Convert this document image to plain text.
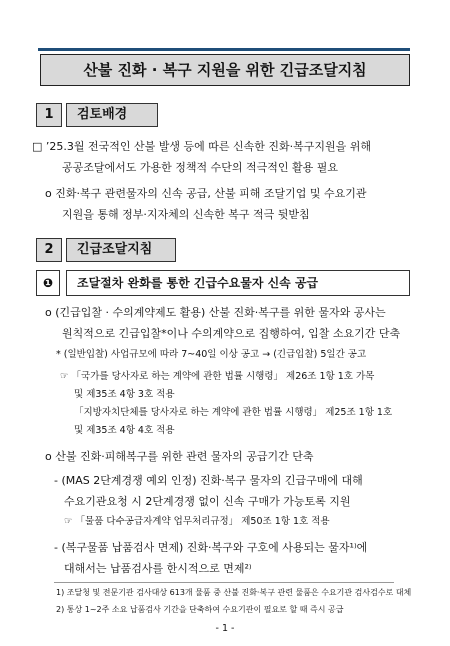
산불 진화 · 복구 지원을 위한 긴급조달지침
1	검토배경
□ ’25.3월 전국적인 산불 발생 등에 따른 신속한 진화·복구지원을 위해
공공조달에서도 가용한 정책적 수단의 적극적인 활용 필요
o 진화·복구 관련물자의 신속 공급, 산불 피해 조달기업 및 수요기관
지원을 통해 정부·지자체의 신속한 복구 적극 뒷받침
2	긴급조달지침
❶	조달절차 완화를 통한 긴급수요물자 신속 공급
o (긴급입찰 · 수의계약제도 활용) 산불 진화·복구를 위한 물자와 공사는
원칙적으로 긴급입찰*이나 수의계약으로 집행하여, 입찰 소요기간 단축
* (일반입찰) 사업규모에 따라 7~40일 이상 공고 → (긴급입찰) 5일간 공고
☞ 「국가를 당사자로 하는 계약에 관한 법률 시행령」 제26조 1항 1호 가목
및 제35조 4항 3호 적용
「지방자치단체를 당사자로 하는 계약에 관한 법률 시행령」 제25조 1항 1호
및 제35조 4항 4호 적용
o 산불 진화·피해복구를 위한 관련 물자의 공급기간 단축
- (MAS 2단계경쟁 예외 인정) 진화·복구 물자의 긴급구매에 대해
수요기관요청 시 2단계경쟁 없이 신속 구매가 가능토록 지원
☞ 「물품 다수공급자계약 업무처리규정」 제50조 1항 1호 적용
- (복구물품 납품검사 면제) 진화·복구와 구호에 사용되는 물자¹⁾에
대해서는 납품검사를 한시적으로 면제²⁾
1) 조달청 및 전문기관 검사대상 613개 물품 중 산불 진화·복구 관련 물품은 수요기관 검사검수로 대체
2) 통상 1~2주 소요 납품검사 기간을 단축하여 수요기관이 필요로 할 때 즉시 공급
- 1 -
